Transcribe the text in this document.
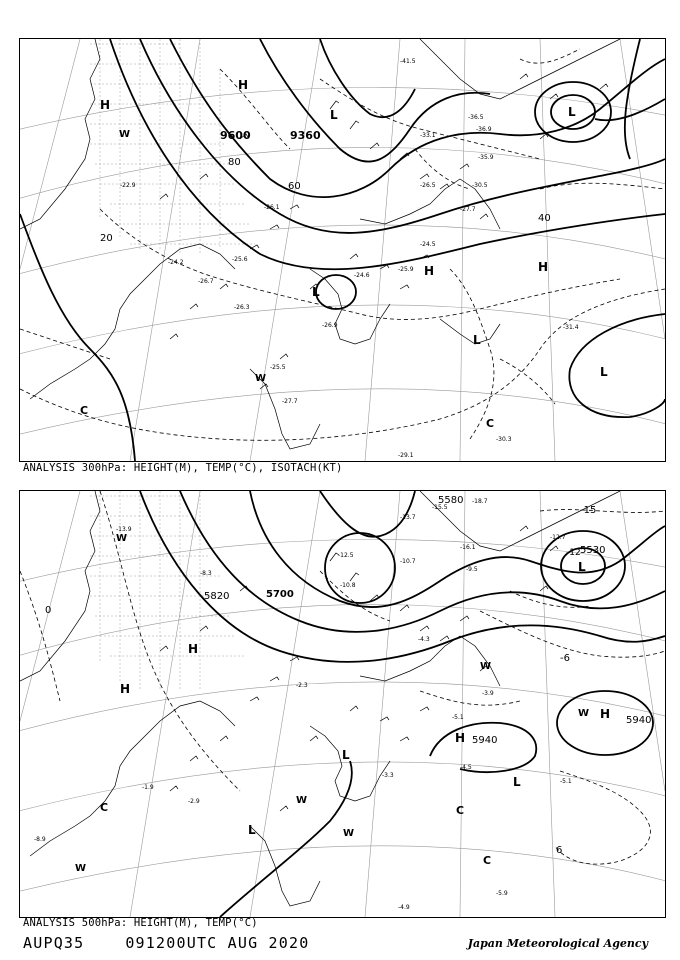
9600	9360
20
40
60
80
H
H	H
H
L
L
L
L
L
C
C
W
W
-41.5
-36.5
-33.1
-36.9
-35.9
-30.5
-27.7
-26.5
-24.5
-25.9
-26.7
-24.2	-25.6
-26.3
-25.5
-27.7
-31.4
-30.3
-29.1
-26.9
-24.6
-22.9
-26.1
ANALYSIS 300hPa: HEIGHT(M), TEMP(°C), ISOTACH(KT)
5580
5530
5820	5700
5940
5940
-15
-6
-12
0
6
H
H
H
H
L
L
L
L
C	C
C
W
W
W
W
W
W
-18.7
-15.5
-13.7
-12.5
-10.8
-10.7
-9.5
-4.3
-3.9
-5.1
-4.5
-5.1
-5.9
-4.9
-2.9
-1.9
-3.3
-2.3
-8.3
-8.9
-13.9
-16.1
-12.7
ANALYSIS 500hPa: HEIGHT(M), TEMP(°C)
AUPQ35	091200UTC AUG 2020	Japan Meteorological Agency
